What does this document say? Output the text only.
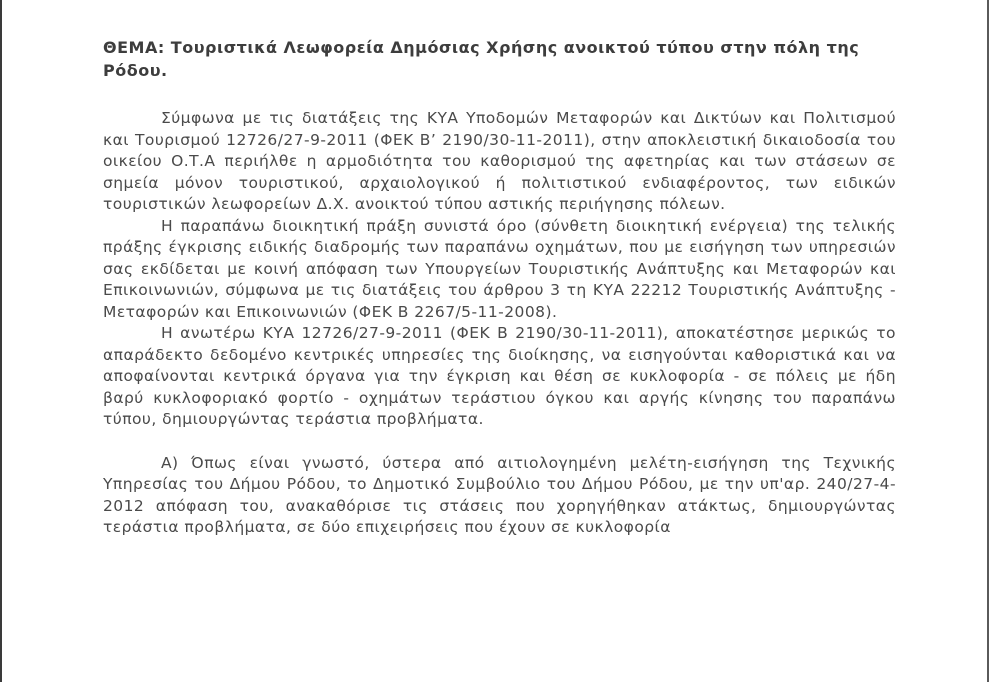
ΘΕΜΑ: Τουριστικά Λεωφορεία Δημόσιας Χρήσης ανοικτού τύπου στην πόλη της Ρόδου.

Σύμφωνα με τις διατάξεις της ΚΥΑ Υποδομών Μεταφορών και Δικτύων και Πολιτισμού και Τουρισμού 12726/27-9-2011 (ΦΕΚ Β’ 2190/30-11-2011), στην αποκλειστική δικαιοδοσία του οικείου Ο.Τ.Α περιήλθε η αρμοδιότητα του καθορισμού της αφετηρίας και των στάσεων σε σημεία μόνον τουριστικού, αρχαιολογικού ή πολιτιστικού ενδιαφέροντος, των ειδικών τουριστικών λεωφορείων Δ.Χ. ανοικτού τύπου αστικής περιήγησης πόλεων.

Η παραπάνω διοικητική πράξη συνιστά όρο (σύνθετη διοικητική ενέργεια) της τελικής πράξης έγκρισης ειδικής διαδρομής των παραπάνω οχημάτων, που με εισήγηση των υπηρεσιών σας εκδίδεται με κοινή απόφαση των Υπουργείων Τουριστικής Ανάπτυξης και Μεταφορών και Επικοινωνιών, σύμφωνα με τις διατάξεις του άρθρου 3 τη ΚΥΑ 22212 Τουριστικής Ανάπτυξης - Μεταφορών και Επικοινωνιών (ΦΕΚ Β 2267/5-11-2008).

Η ανωτέρω ΚΥΑ 12726/27-9-2011 (ΦΕΚ Β 2190/30-11-2011), αποκατέστησε μερικώς το απαράδεκτο δεδομένο κεντρικές υπηρεσίες της διοίκησης, να εισηγούνται καθοριστικά και να αποφαίνονται κεντρικά όργανα για την έγκριση και θέση σε κυκλοφορία - σε πόλεις με ήδη βαρύ κυκλοφοριακό φορτίο - οχημάτων τεράστιου όγκου και αργής κίνησης του παραπάνω τύπου, δημιουργώντας τεράστια προβλήματα.

Α) Όπως είναι γνωστό, ύστερα από αιτιολογημένη μελέτη-εισήγηση της Τεχνικής Υπηρεσίας του Δήμου Ρόδου, το Δημοτικό Συμβούλιο του Δήμου Ρόδου, με την υπ'αρ. 240/27-4-2012 απόφαση του, ανακαθόρισε τις στάσεις που χορηγήθηκαν ατάκτως, δημιουργώντας τεράστια προβλήματα, σε δύο επιχειρήσεις που έχουν σε κυκλοφορία
